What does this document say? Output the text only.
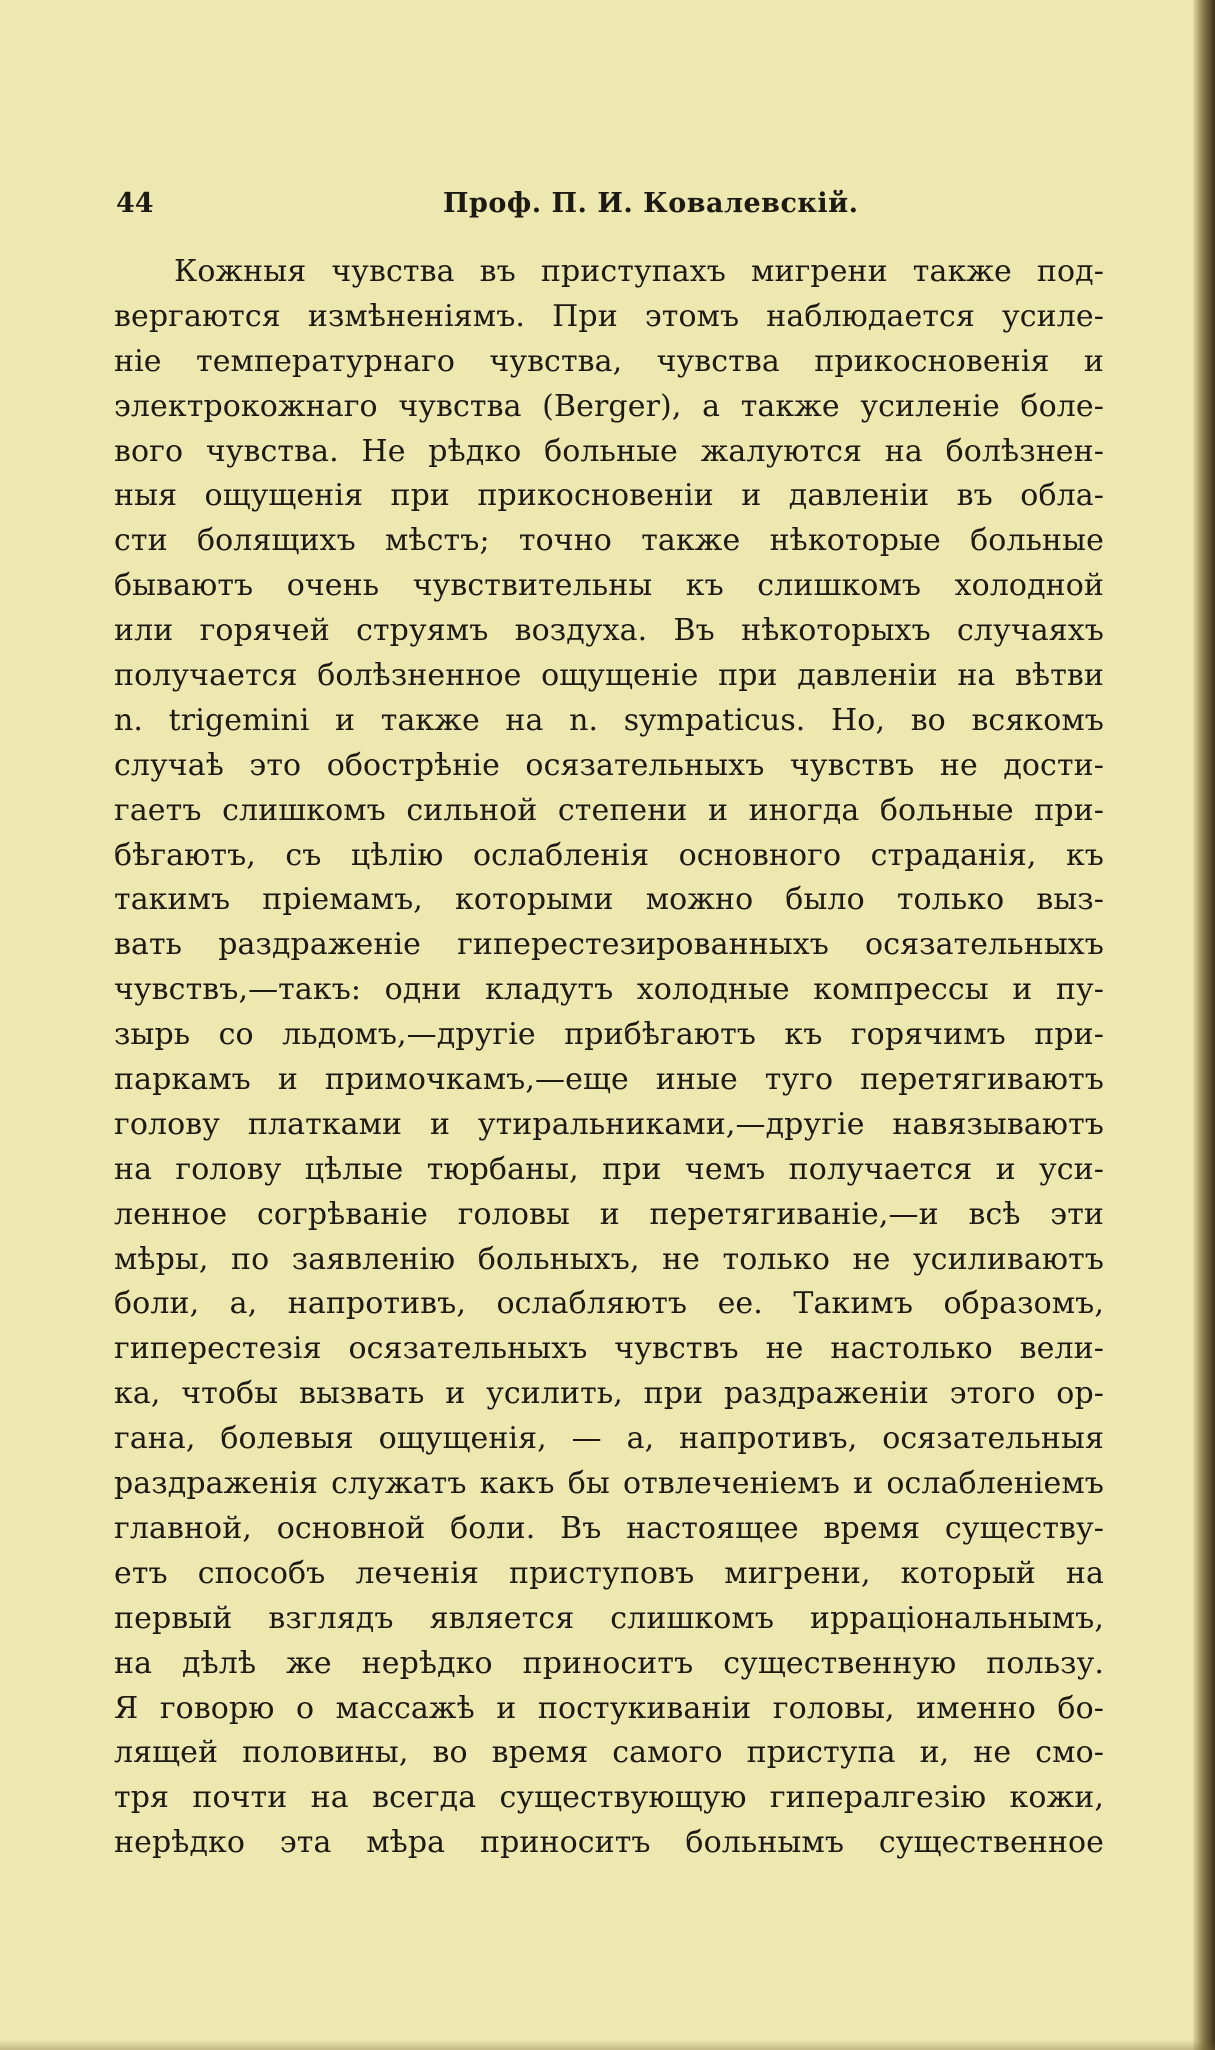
44	Проф. П. И. Ковалевскій.
Кожныя чувства въ приступахъ мигрени также под-
вергаются измѣненіямъ. При этомъ наблюдается усиле-
ніе температурнаго чувства, чувства прикосновенія и
электрокожнаго чувства (Berger), а также усиленіе боле-
вого чувства. Не рѣдко больные жалуются на болѣзнен-
ныя ощущенія при прикосновеніи и давленіи въ обла-
сти болящихъ мѣстъ; точно также нѣкоторые больные
бываютъ очень чувствительны къ слишкомъ холодной
или горячей струямъ воздуха. Въ нѣкоторыхъ случаяхъ
получается болѣзненное ощущеніе при давленіи на вѣтви
n. trigemini и также на n. sympaticus. Но, во всякомъ
случаѣ это обострѣніе осязательныхъ чувствъ не дости-
гаетъ слишкомъ сильной степени и иногда больные при-
бѣгаютъ, съ цѣлію ослабленія основного страданія, къ
такимъ пріемамъ, которыми можно было только выз-
вать раздраженіе гиперестезированныхъ осязательныхъ
чувствъ,—такъ: одни кладутъ холодные компрессы и пу-
зырь со льдомъ,—другіе прибѣгаютъ къ горячимъ при-
паркамъ и примочкамъ,—еще иные туго перетягиваютъ
голову платками и утиральниками,—другіе навязываютъ
на голову цѣлые тюрбаны, при чемъ получается и уси-
ленное согрѣваніе головы и перетягиваніе,—и всѣ эти
мѣры, по заявленію больныхъ, не только не усиливаютъ
боли, а, напротивъ, ослабляютъ ее. Такимъ образомъ,
гиперестезія осязательныхъ чувствъ не настолько вели-
ка, чтобы вызвать и усилить, при раздраженіи этого ор-
гана, болевыя ощущенія, — а, напротивъ, осязательныя
раздраженія служатъ какъ бы отвлеченіемъ и ослабленіемъ
главной, основной боли. Въ настоящее время существу-
етъ способъ леченія приступовъ мигрени, который на
первый взглядъ является слишкомъ ирраціональнымъ,
на дѣлѣ же нерѣдко приноситъ существенную пользу.
Я говорю о массажѣ и постукиваніи головы, именно бо-
лящей половины, во время самого приступа и, не смо-
тря почти на всегда существующую гипералгезію кожи,
нерѣдко эта мѣра приноситъ больнымъ существенное
